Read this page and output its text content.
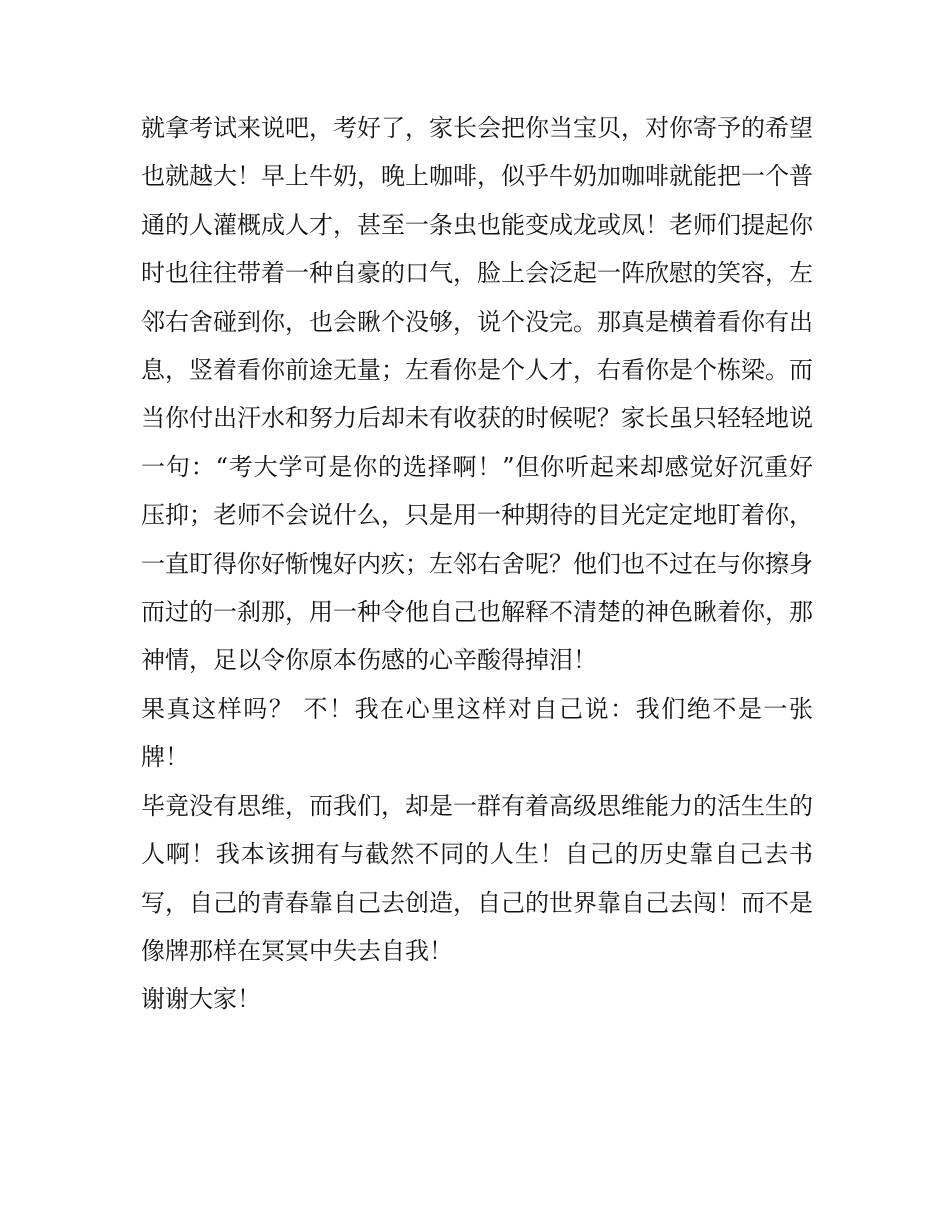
就拿考试来说吧，考好了，家长会把你当宝贝，对你寄予的希望也就越大！早上牛奶，晚上咖啡，似乎牛奶加咖啡就能把一个普通的人灌概成人才，甚至一条虫也能变成龙或凤！老师们提起你时也往往带着一种自豪的口气，脸上会泛起一阵欣慰的笑容，左邻右舍碰到你，也会瞅个没够，说个没完。那真是横着看你有出息，竖着看你前途无量；左看你是个人才，右看你是个栋梁。而当你付出汗水和努力后却未有收获的时候呢？家长虽只轻轻地说一句：“考大学可是你的选择啊！”但你听起来却感觉好沉重好压抑；老师不会说什么，只是用一种期待的目光定定地盯着你，一直盯得你好惭愧好内疚；左邻右舍呢？他们也不过在与你擦身而过的一刹那，用一种令他自己也解释不清楚的神色瞅着你，那神情，足以令你原本伤感的心辛酸得掉泪！

果真这样吗？ 不！我在心里这样对自己说：我们绝不是一张牌！

毕竟没有思维，而我们，却是一群有着高级思维能力的活生生的人啊！我本该拥有与截然不同的人生！自己的历史靠自己去书写，自己的青春靠自己去创造，自己的世界靠自己去闯！而不是像牌那样在冥冥中失去自我！

谢谢大家！
